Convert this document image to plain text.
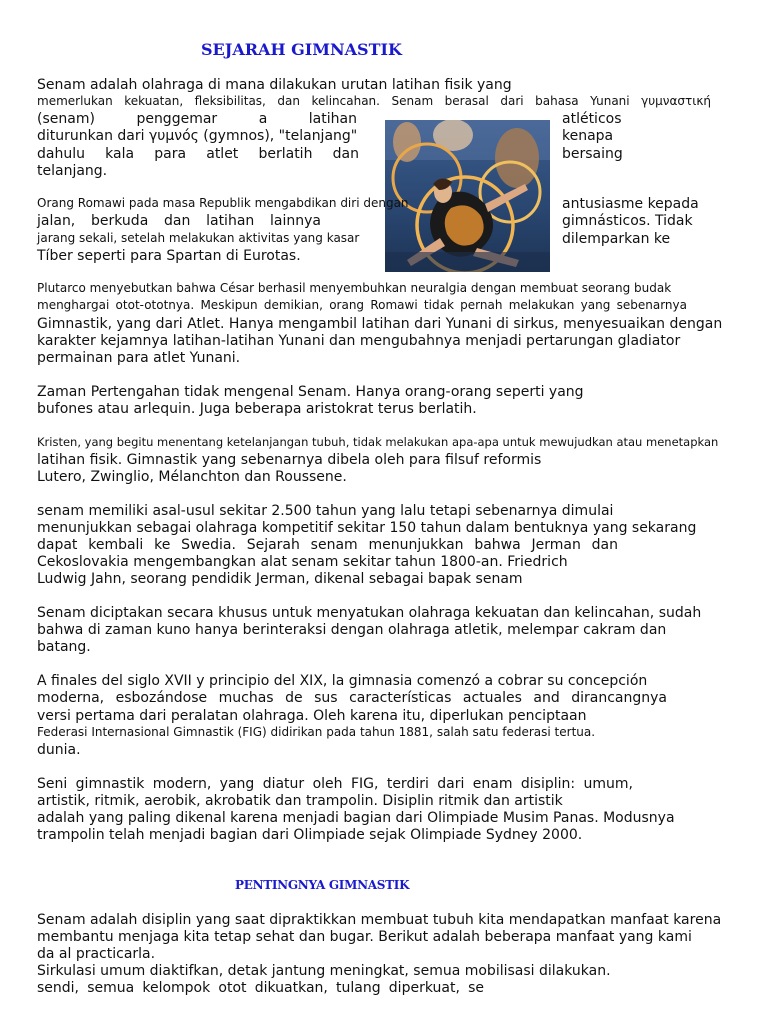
SEJARAH GIMNASTIK
Senam adalah olahraga di mana dilakukan urutan latihan fisik yang
memerlukan kekuatan, fleksibilitas, dan kelincahan. Senam berasal dari bahasa Yunani γυμναστική
(senam)	penggemar	a	latihan	atléticos
diturunkan dari γυμνός (gymnos), "telanjang"	kenapa
dahulu kala para atlet berlatih dan	bersaing
telanjang.
Orang Romawi pada masa Republik mengabdikan diri dengan	antusiasme kepada
jalan, berkuda dan latihan lainnya	gimnásticos. Tidak
jarang sekali, setelah melakukan aktivitas yang kasar	dilemparkan ke
Tíber seperti para Spartan di Eurotas.
Plutarco menyebutkan bahwa César berhasil menyembuhkan neuralgia dengan membuat seorang budak
menghargai otot-ototnya. Meskipun demikian, orang Romawi tidak pernah melakukan yang sebenarnya
Gimnastik, yang dari Atlet. Hanya mengambil latihan dari Yunani di sirkus, menyesuaikan dengan
karakter kejamnya latihan-latihan Yunani dan mengubahnya menjadi pertarungan gladiator
permainan para atlet Yunani.
Zaman Pertengahan tidak mengenal Senam. Hanya orang-orang seperti yang
bufones atau arlequin. Juga beberapa aristokrat terus berlatih.
Kristen, yang begitu menentang ketelanjangan tubuh, tidak melakukan apa-apa untuk mewujudkan atau menetapkan
latihan fisik. Gimnastik yang sebenarnya dibela oleh para filsuf reformis
Lutero, Zwinglio, Mélanchton dan Roussene.
senam memiliki asal-usul sekitar 2.500 tahun yang lalu tetapi sebenarnya dimulai
menunjukkan sebagai olahraga kompetitif sekitar 150 tahun dalam bentuknya yang sekarang
dapat kembali ke Swedia. Sejarah senam menunjukkan bahwa Jerman dan
Cekoslovakia mengembangkan alat senam sekitar tahun 1800-an. Friedrich
Ludwig Jahn, seorang pendidik Jerman, dikenal sebagai bapak senam
Senam diciptakan secara khusus untuk menyatukan olahraga kekuatan dan kelincahan, sudah
bahwa di zaman kuno hanya berinteraksi dengan olahraga atletik, melempar cakram dan
batang.
A finales del siglo XVII y principio del XIX, la gimnasia comenzó a cobrar su concepción
moderna, esbozándose muchas de sus características actuales and dirancangnya
versi pertama dari peralatan olahraga. Oleh karena itu, diperlukan penciptaan
Federasi Internasional Gimnastik (FIG) didirikan pada tahun 1881, salah satu federasi tertua.
dunia.
Seni gimnastik modern, yang diatur oleh FIG, terdiri dari enam disiplin: umum,
artistik, ritmik, aerobik, akrobatik dan trampolin. Disiplin ritmik dan artistik
adalah yang paling dikenal karena menjadi bagian dari Olimpiade Musim Panas. Modusnya
trampolin telah menjadi bagian dari Olimpiade sejak Olimpiade Sydney 2000.
PENTINGNYA GIMNASTIK
Senam adalah disiplin yang saat dipraktikkan membuat tubuh kita mendapatkan manfaat karena
membantu menjaga kita tetap sehat dan bugar. Berikut adalah beberapa manfaat yang kami
da al practicarla.
Sirkulasi umum diaktifkan, detak jantung meningkat, semua mobilisasi dilakukan.
sendi, semua kelompok otot dikuatkan, tulang diperkuat, se
